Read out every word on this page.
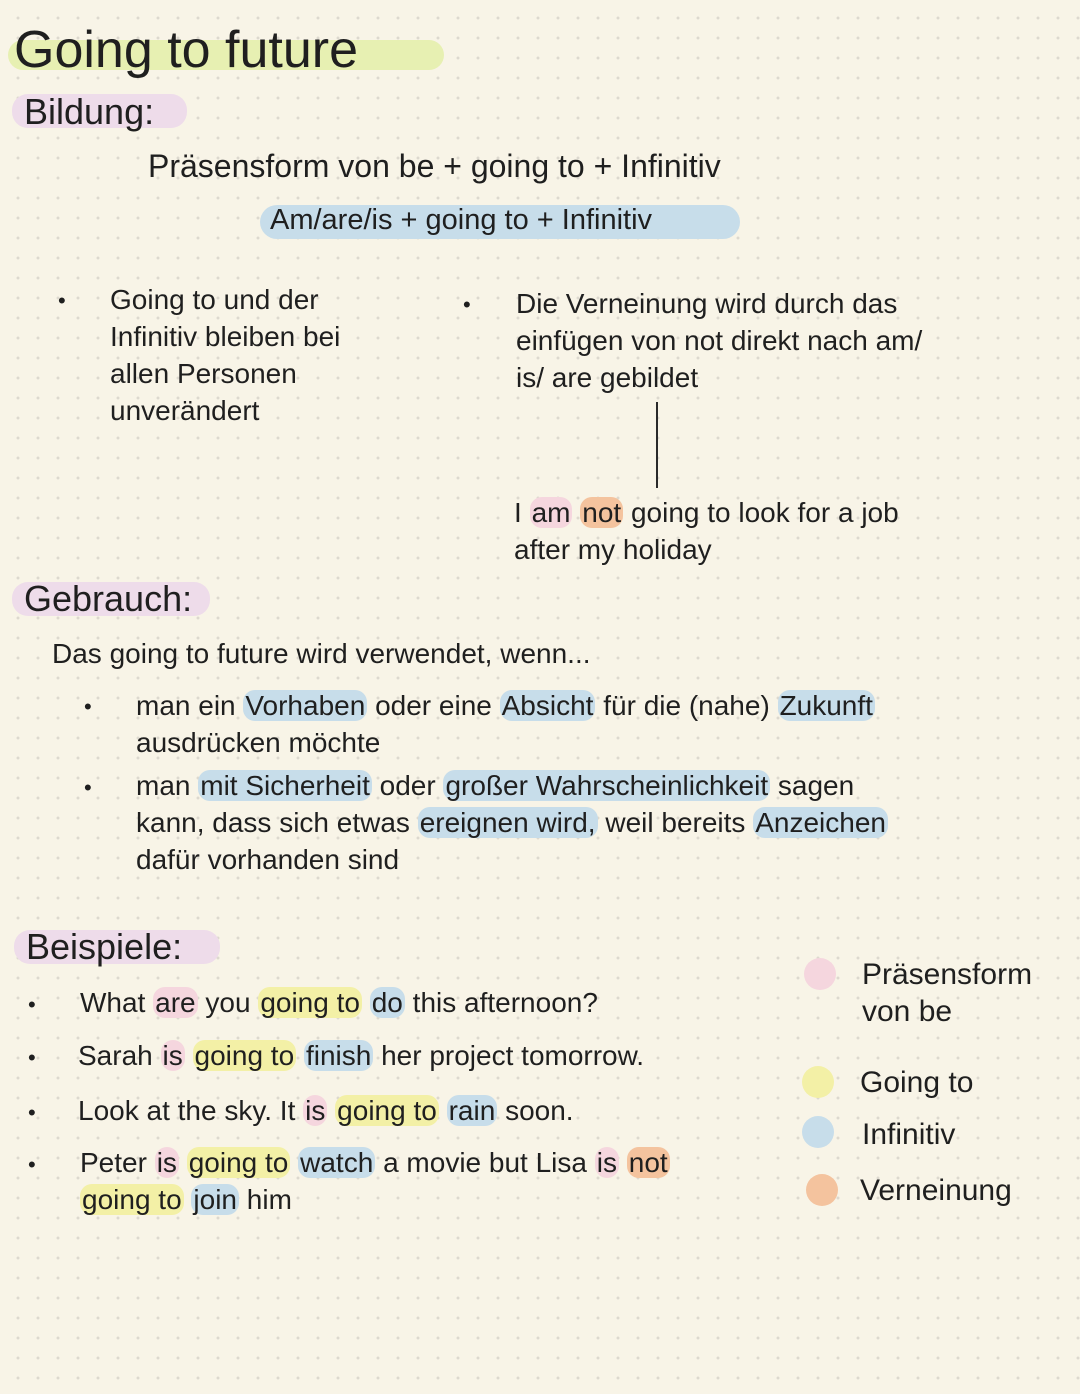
Going to future
Bildung:
Präsensform von be + going to + Infinitiv
Am/are/is + going to + Infinitiv
• Going to und der
Infinitiv bleiben bei
allen Personen
unverändert
• Die Verneinung wird durch das
einfügen von not direkt nach am/
is/ are gebildet
I am not going to look for a job
after my holiday
Gebrauch:
Das going to future wird verwendet, wenn...
• man ein Vorhaben oder eine Absicht für die (nahe) Zukunft
ausdrücken möchte
• man mit Sicherheit oder großer Wahrscheinlichkeit sagen
kann, dass sich etwas ereignen wird, weil bereits Anzeichen
dafür vorhanden sind
Beispiele:
• What are you going to do this afternoon?
• Sarah is going to finish her project tomorrow.
• Look at the sky. It is going to rain soon.
• Peter is going to watch a movie but Lisa is not
going to join him
Präsensform
von be
Going to
Infinitiv
Verneinung
